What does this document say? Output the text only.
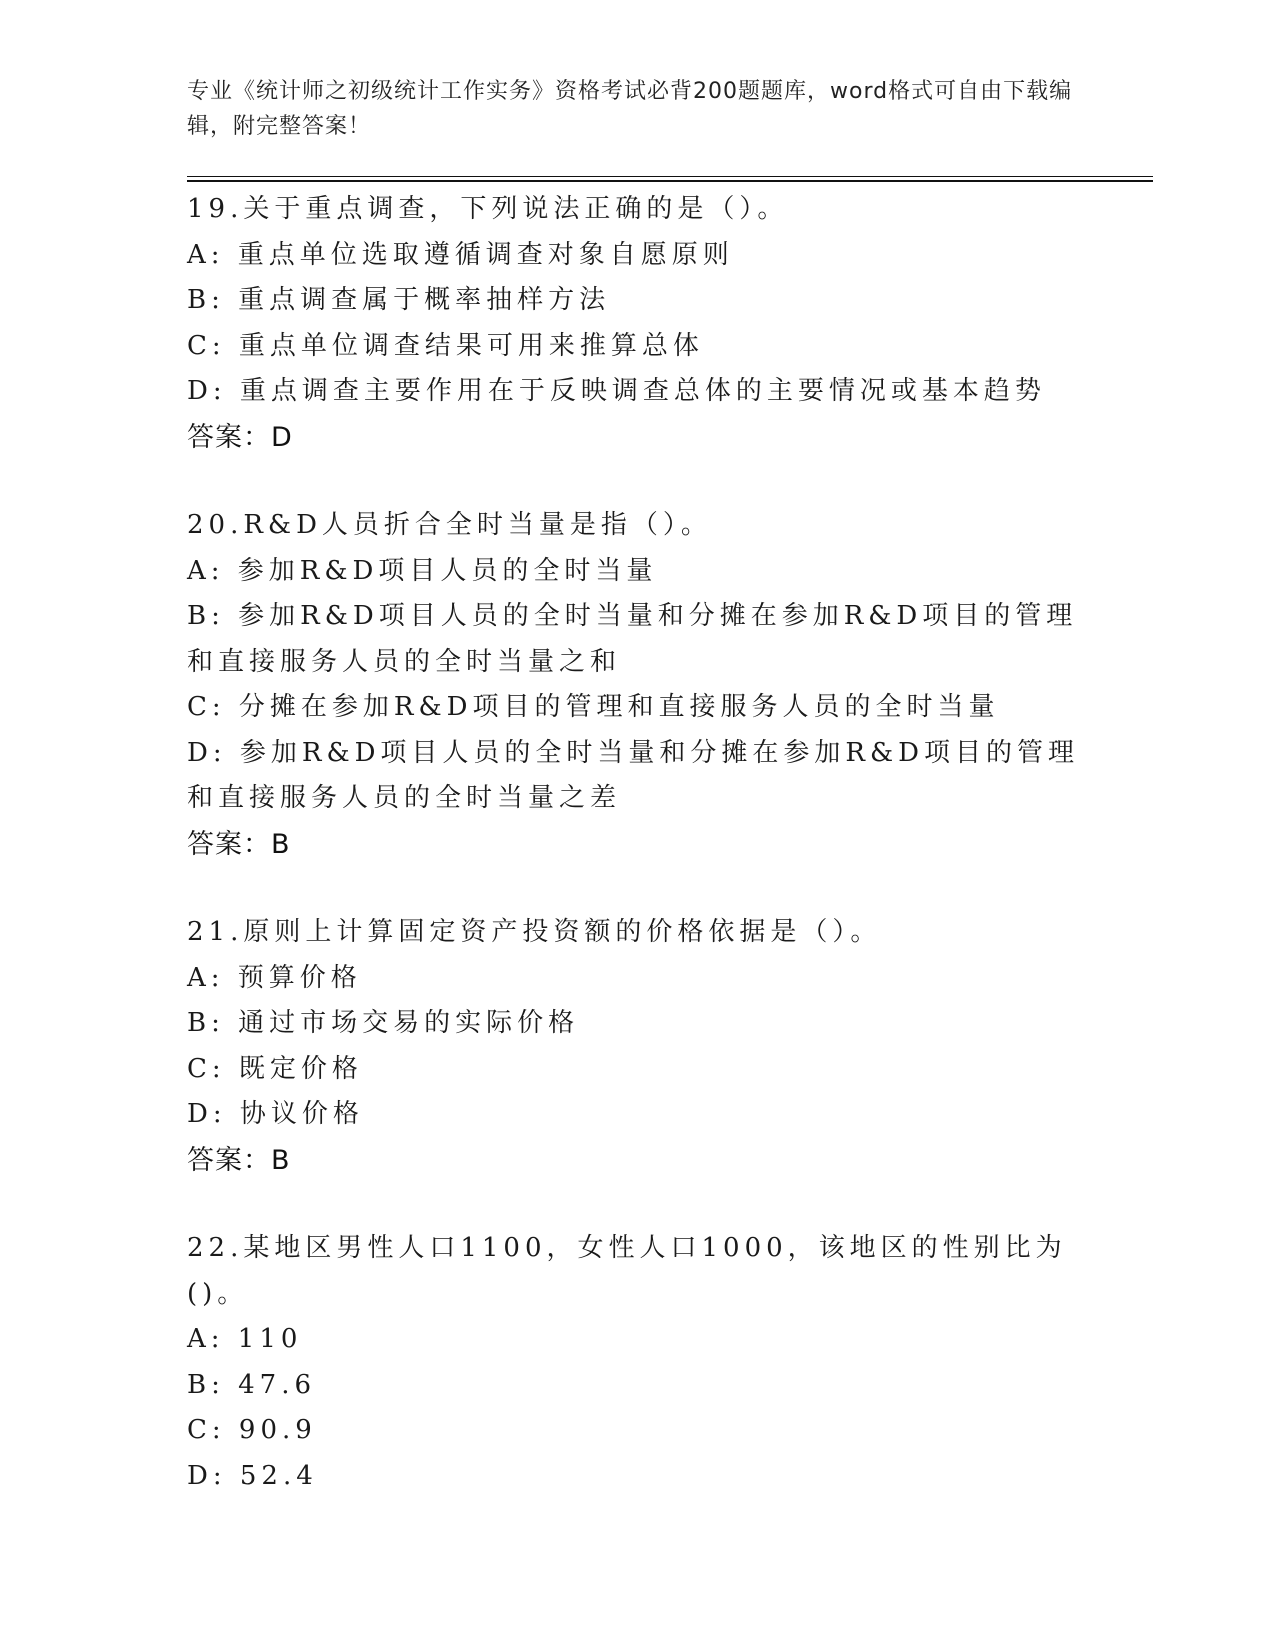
专业《统计师之初级统计工作实务》资格考试必背200题题库，word格式可自由下载编辑，附完整答案！
19.关于重点调查，下列说法正确的是（）。
A: 重点单位选取遵循调查对象自愿原则
B: 重点调查属于概率抽样方法
C: 重点单位调查结果可用来推算总体
D: 重点调查主要作用在于反映调查总体的主要情况或基本趋势
答案：D
20.R&D人员折合全时当量是指（）。
A: 参加R&D项目人员的全时当量
B: 参加R&D项目人员的全时当量和分摊在参加R&D项目的管理和直接服务人员的全时当量之和
C: 分摊在参加R&D项目的管理和直接服务人员的全时当量
D: 参加R&D项目人员的全时当量和分摊在参加R&D项目的管理和直接服务人员的全时当量之差
答案：B
21.原则上计算固定资产投资额的价格依据是（）。
A: 预算价格
B: 通过市场交易的实际价格
C: 既定价格
D: 协议价格
答案：B
22.某地区男性人口1100，女性人口1000，该地区的性别比为()。
A: 110
B: 47.6
C: 90.9
D: 52.4
